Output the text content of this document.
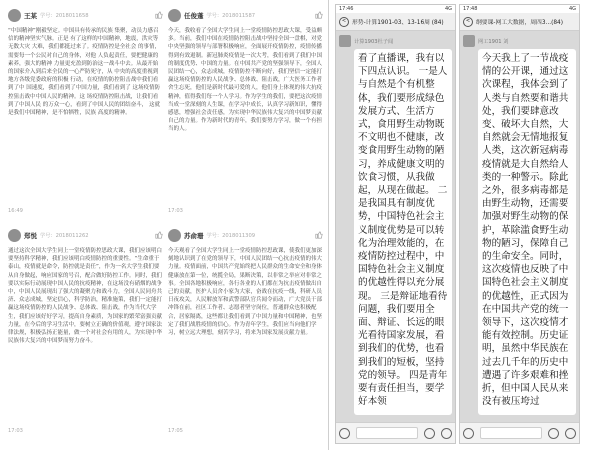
王某 学号：2018011658
“中国精神”刚毅坚定。中国具有传承的民族 集聚，动员力感召信的精神坚实气脉。正是 有了这样的中国精神，地震，洪灾等无数大灾 大难，我们都挺过来了。疫情防控是全社会 的事情，需要每一个公民对自己的身体，对他 人负起责任，要把健康的素养，强大的精神 力量更充盈到防治这一战斗中去。从最开始 的国家介入到后来全民的一心严防死守，从 中央的高度重视到地方各级党委政府的积极 行动，在疫情的防控阻击战中我们看到了中 国速度，我们看到了中国力量，我们看到了 这场疫情防控狙击战中中国人民的精神。这 场疫情防控阻击战，让我们看到了中国人民 的万众一心，看到了中国人民的团结奋斗， 这就是我们中国精神，是不怕牺牲，民族 高度的精神。
16:49
任俊蓬 学号：2018011587
今天，我收看了全国大学生同上一堂疫情防控思政大课，受益颇多。当前，我们中国在疫情防控阻击战中坚持全国一盘棋，对党中央坚强的领导与部署积极响应，全面展开疫情防控，疫情传播得到有效遏制。新冠肺炎疫情是一次大考，我们看到了我们中国的制度优势、中国的力量。在中国共产党的坚强领导下，全国人民团结一心，众志成城，疫情防控不断向好，我们坚信一定能打赢这场疫情防控的人民战争、总体战、阻击战，广大医务工作者舍生忘死，他们是新时代最可爱的人，他们身上体现的伟大抗疫精神，值得我们每一个人学习。作为学生的我们，要把这次疫情当成一堂深刻的人生课，在学习中成长，认真学习新知识，懂得感恩，增强社会责任感，为实现中华民族伟大复兴的中国梦贡献自己的力量。作为新时代的青年，我们要努力学习，做一个有担当的人。
17:03
郑悦 学号：2018011262
通过这次全国大学生同上一堂疫情防控思政大课，我们应该明白要坚持科学精神，我们应该明白疫情防控的重要性。“生命重于泰山，疫情就是命令，防控就是责任”，作为一名大学生我们要从自身做起，响应国家的号召，配合做好防控工作。同时，我们要以实际行动展现中国人民的抗疫精神，在这场没有硝烟的战争中，中国人民展现出了强大的凝聚力和战斗力，全国人民同舟共济、众志成城，坚定信心，科学防治，精准施策，我们一定能打赢这场疫情防控的人民战争、总体战、阻击战，作为当代大学生，我们应该好好学习，提高自身素质，为国家的繁荣富强贡献力量，在今后的学习生活中，要树立正确的价值观，遵守国家法律法规，积极弘扬正能量，做一个对社会有用的人，为实现中华民族伟大复兴的中国梦而努力奋斗。
17:03
苏俞珊 学号：2018011309
今天观看了全国大学生同上一堂疫情防控思政课，使我们更加深刻地认识到了在党的领导下，中国人民团结一心抗击疫情的伟大力量。疫情面前，中国共产党始终把人民群众的生命安全和身体健康放在第一位，统揽全局，果断决策，以非常之举应对非常之事。全国各地积极响应，各行各业的人们都在为抗击疫情做出自己的贡献，医护人员舍小家为大家，奋战在抗疫一线，科研人员日夜攻关，人民解放军和武警部队官兵闻令而动，广大党员干部冲锋在前，社区工作者、志愿者坚守岗位，普通群众也积极配合，居家隔离，这些都让我们看到了中国力量和中国精神，也坚定了我们战胜疫情的信心。作为青年学生，我们应当向他们学习，树立远大理想，刻苦学习，将来为国家发展贡献力量。
17:05
17:46	4G
<	形势-计算1901-03、13-16周 (84)
计算1903杜子闻
看了直播课，我有以下四点认识。 一是人与自然是个有机整体，我们要形成绿色发展方式、生活方式，食用野生动物既不文明也不健康，改变食用野生动物的陋习，养成健康文明的饮食习惯，从我做起，从现在做起。 二是我国具有制度优势，中国特色社会主义制度优势是可以转化为治理效能的，在疫情防控过程中，中国特色社会主义制度的优越性得以充分展现。 三是辩证地看待问题，我们要用全面、辩证、长远的眼光看待国家发展，看到我们的优势，也看到我们的短板，坚持党的领导。 四是青年要有责任担当，要学好本领
17:48	4G
<	纲要课-网工大数据，周四3...(84)
网工1901 刘
今天我上了一节战疫情的公开课，通过这次课程，我体会到了人类与自然要和谐共处，我们要肆意改变、破坏大自然，大自然就会无情地报复人类，这次新冠病毒疫情就是大自然给人类的一种警示。除此之外，很多病毒都是由野生动物，还需要加强对野生动物的保护，革除滥食野生动物的陋习，保障自己的生命安全。同时，这次疫情也反映了中国特色社会主义制度的优越性，正式因为在中国共产党的统一领导下，这次疫情才能有效控制。历史证明，虽然中华民族在过去几千年的历史中遭遇了许多艰难和挫折，但中国人民从来没有被压垮过
